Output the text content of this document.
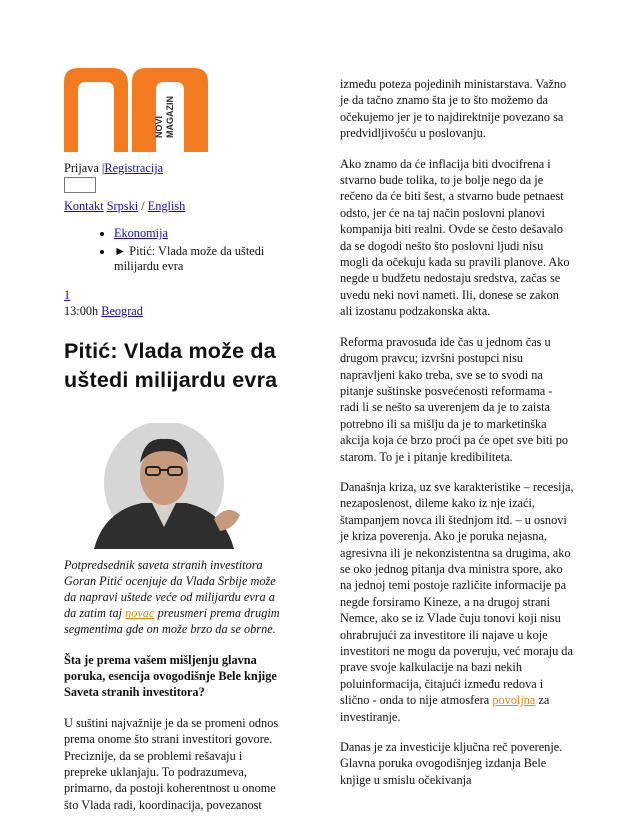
NOVI MAGAZIN
Prijava |Registracija
Kontakt Srpski / English
• Ekonomija
• ► Pitić: Vlada može da uštedi milijardu evra
1
13:00h Beograd
Pitić: Vlada može da uštedi milijardu evra
Potpredsednik saveta stranih investitora Goran Pitić ocenjuje da Vlada Srbije može da napravi uštede veće od milijardu evra a da zatim taj novac preusmeri prema drugim segmentima gde on može brzo da se obrne.
Šta je prema vašem mišljenju glavna poruka, esencija ovogodišnje Bele knjige Saveta stranih investitora?
U suštini najvažnije je da se promeni odnos prema onome što strani investitori govore. Preciznije, da se problemi rešavaju i prepreke uklanjaju. To podrazumeva, primarno, da postoji koherentnost u onome što Vlada radi, koordinacija, povezanost

između poteza pojedinih ministarstava. Važno je da tačno znamo šta je to što možemo da očekujemo jer je to najdirektnije povezano sa predvidljivošću u poslovanju.

Ako znamo da će inflacija biti dvocifrena i stvarno bude tolika, to je bolje nego da je rečeno da će biti šest, a stvarno bude petnaest odsto, jer će na taj način poslovni planovi kompanija biti realni. Ovde se često dešavalo da se dogodi nešto što poslovni ljudi nisu mogli da očekuju kada su pravili planove. Ako negde u budžetu nedostaju sredstva, začas se uvedu neki novi nameti. Ili, donese se zakon ali izostanu podzakonska akta.

Reforma pravosuđa ide čas u jednom čas u drugom pravcu; izvršni postupci nisu napravljeni kako treba, sve se to svodi na pitanje suštinske posvećenosti reformama - radi li se nešto sa uverenjem da je to zaista potrebno ili sa mišlju da je to marketinška akcija koja će brzo proći pa će opet sve biti po starom. To je i pitanje kredibiliteta.

Današnja kriza, uz sve karakteristike – recesija, nezaposlenost, dileme kako iz nje izaći, štampanjem novca ili štednjom itd. – u osnovi je kriza poverenja. Ako je poruka nejasna, agresivna ili je nekonzistentna sa drugima, ako se oko jednog pitanja dva ministra spore, ako na jednoj temi postoje različite informacije pa negde forsiramo Kineze, a na drugoj strani Nemce, ako se iz Vlade čuju tonovi koji nisu ohrabrujući za investitore ili najave u koje investitori ne mogu da poveruju, već moraju da prave svoje kalkulacije na bazi nekih poluinformacija, čitajući između redova i slično - onda to nije atmosfera povoljna za investiranje.

Danas je za investicije ključna reč poverenje. Glavna poruka ovogodišnjeg izdanja Bele knjige u smislu očekivanja
